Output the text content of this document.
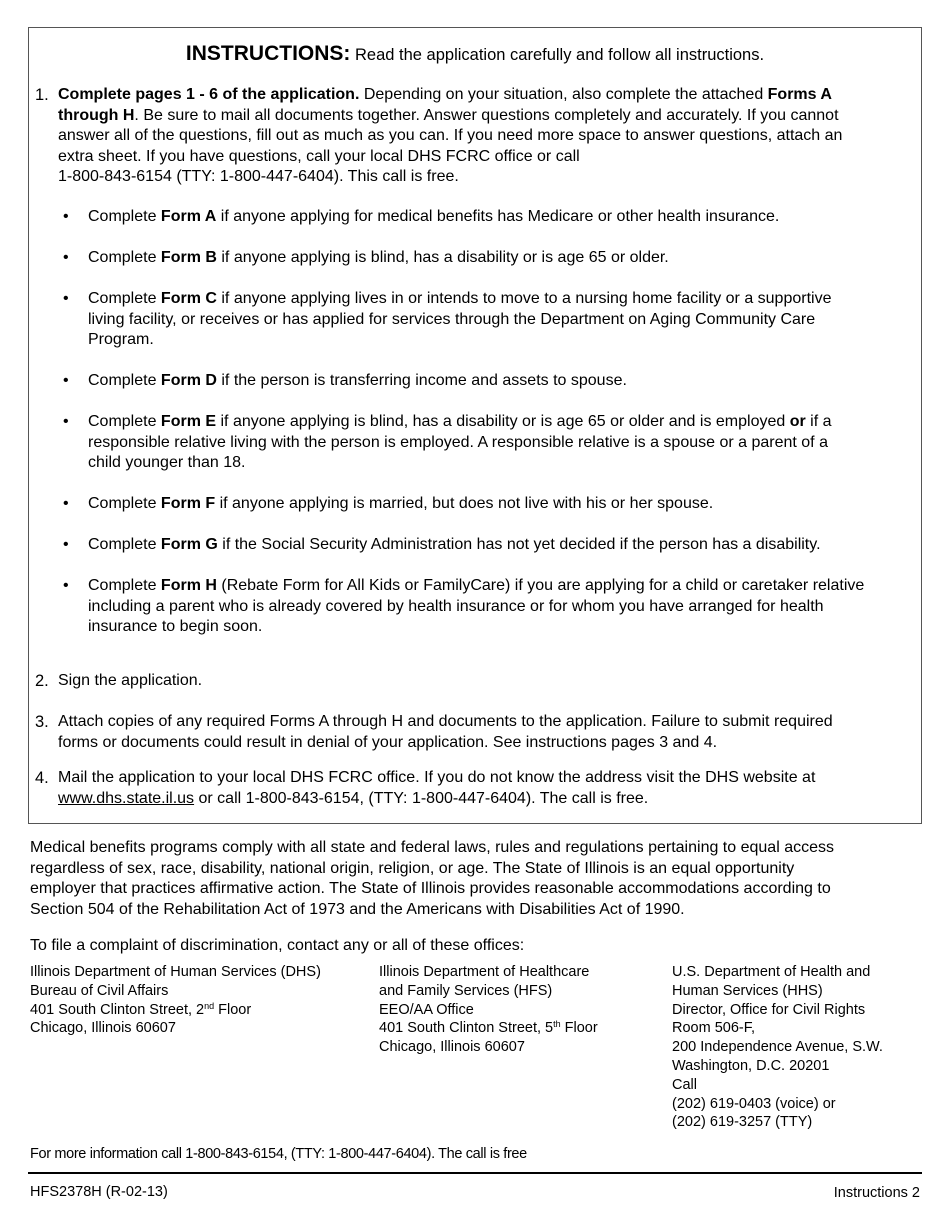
INSTRUCTIONS: Read the application carefully and follow all instructions.
1. Complete pages 1 - 6 of the application. Depending on your situation, also complete the attached Forms A
through H. Be sure to mail all documents together. Answer questions completely and accurately. If you cannot
answer all of the questions, fill out as much as you can. If you need more space to answer questions, attach an
extra sheet. If you have questions, call your local DHS FCRC office or call
1-800-843-6154 (TTY: 1-800-447-6404). This call is free.
• Complete Form A if anyone applying for medical benefits has Medicare or other health insurance.
• Complete Form B if anyone applying is blind, has a disability or is age 65 or older.
• Complete Form C if anyone applying lives in or intends to move to a nursing home facility or a supportive
living facility, or receives or has applied for services through the Department on Aging Community Care
Program.
• Complete Form D if the person is transferring income and assets to spouse.
• Complete Form E if anyone applying is blind, has a disability or is age 65 or older and is employed or if a
responsible relative living with the person is employed. A responsible relative is a spouse or a parent of a
child younger than 18.
• Complete Form F if anyone applying is married, but does not live with his or her spouse.
• Complete Form G if the Social Security Administration has not yet decided if the person has a disability.
• Complete Form H (Rebate Form for All Kids or FamilyCare) if you are applying for a child or caretaker relative
including a parent who is already covered by health insurance or for whom you have arranged for health
insurance to begin soon.
2. Sign the application.
3. Attach copies of any required Forms A through H and documents to the application. Failure to submit required
forms or documents could result in denial of your application. See instructions pages 3 and 4.
4. Mail the application to your local DHS FCRC office. If you do not know the address visit the DHS website at
www.dhs.state.il.us or call 1-800-843-6154, (TTY: 1-800-447-6404). The call is free.
Medical benefits programs comply with all state and federal laws, rules and regulations pertaining to equal access
regardless of sex, race, disability, national origin, religion, or age. The State of Illinois is an equal opportunity
employer that practices affirmative action. The State of Illinois provides reasonable accommodations according to
Section 504 of the Rehabilitation Act of 1973 and the Americans with Disabilities Act of 1990.
To file a complaint of discrimination, contact any or all of these offices:
Illinois Department of Human Services (DHS)
Bureau of Civil Affairs
401 South Clinton Street, 2nd Floor
Chicago, Illinois 60607
Illinois Department of Healthcare
and Family Services (HFS)
EEO/AA Office
401 South Clinton Street, 5th Floor
Chicago, Illinois 60607
U.S. Department of Health and
Human Services (HHS)
Director, Office for Civil Rights
Room 506-F,
200 Independence Avenue, S.W.
Washington, D.C. 20201
Call
(202) 619-0403 (voice) or
(202) 619-3257 (TTY)
For more information call 1-800-843-6154, (TTY: 1-800-447-6404). The call is free
HFS2378H (R-02-13)	Instructions 2
